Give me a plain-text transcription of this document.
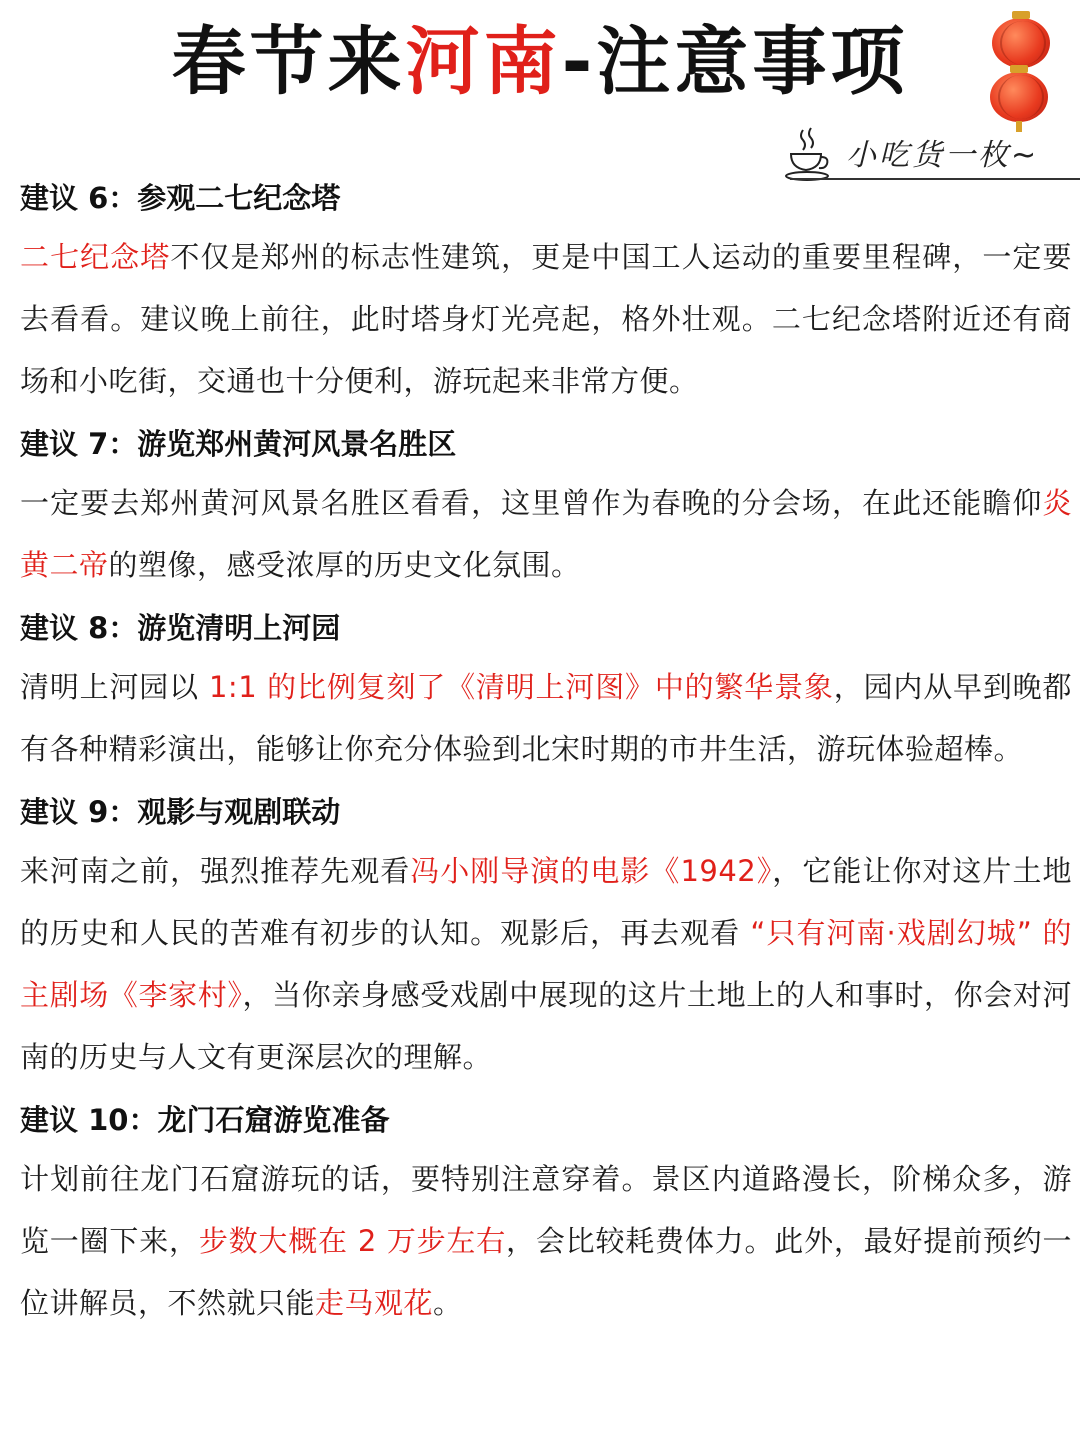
春节来河南-注意事项
小吃货一枚~
建议 6：参观二七纪念塔
二七纪念塔不仅是郑州的标志性建筑，更是中国工人运动的重要里程碑，一定要去看看。建议晚上前往，此时塔身灯光亮起，格外壮观。二七纪念塔附近还有商场和小吃街，交通也十分便利，游玩起来非常方便。
建议 7：游览郑州黄河风景名胜区
一定要去郑州黄河风景名胜区看看，这里曾作为春晚的分会场，在此还能瞻仰炎黄二帝的塑像，感受浓厚的历史文化氛围。
建议 8：游览清明上河园
清明上河园以 1:1 的比例复刻了《清明上河图》中的繁华景象，园内从早到晚都有各种精彩演出，能够让你充分体验到北宋时期的市井生活，游玩体验超棒。
建议 9：观影与观剧联动
来河南之前，强烈推荐先观看冯小刚导演的电影《1942》，它能让你对这片土地的历史和人民的苦难有初步的认知。观影后，再去观看 “只有河南·戏剧幻城” 的主剧场《李家村》，当你亲身感受戏剧中展现的这片土地上的人和事时，你会对河南的历史与人文有更深层次的理解。
建议 10：龙门石窟游览准备
计划前往龙门石窟游玩的话，要特别注意穿着。景区内道路漫长，阶梯众多，游览一圈下来，步数大概在 2 万步左右，会比较耗费体力。此外，最好提前预约一位讲解员，不然就只能走马观花。
